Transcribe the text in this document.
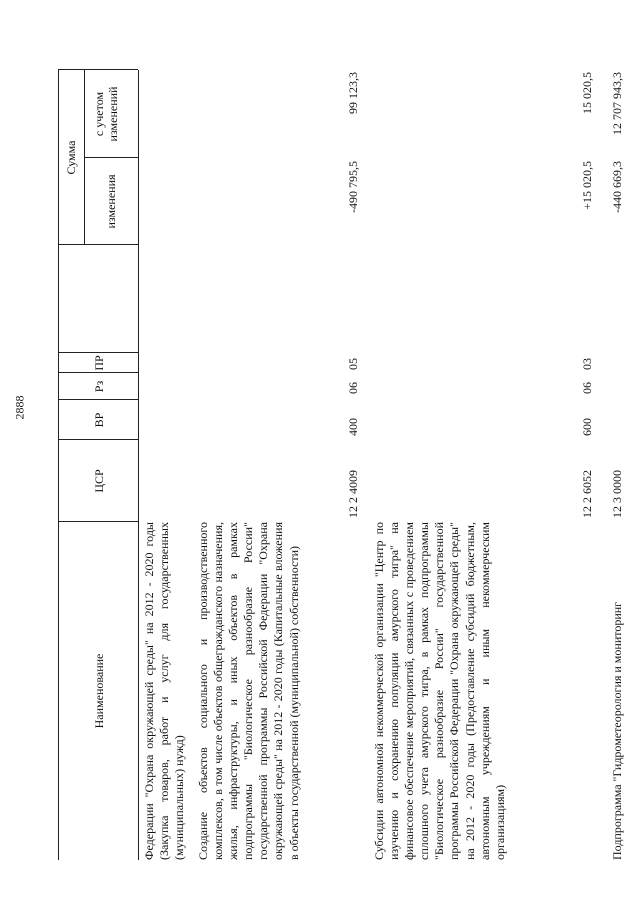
2888
Наименование
ЦСР
ВР
Рз
ПР
Сумма
изменения
с учетом изменений
Федерации "Охрана окружающей среды" на 2012 - 2020 годы (Закупка товаров, работ и услуг для государственных (муниципальных) нужд) Создание объектов социального и производственного комплексов, в том числе объектов общегражданского назначения, жилья, инфраструктуры, и иных объектов в рамках подпрограммы "Биологическое разнообразие России" государственной программы Российской Федерации "Охрана окружающей среды" на 2012 - 2020 годы (Капитальные вложения в объекты государственной (муниципальной) собственности)
12 2 4009
400
06
05
-490 795,5
99 123,3
Субсидии автономной некоммерческой организации "Центр по изучению и сохранению популяции амурского тигра" на финансовое обеспечение мероприятий, связанных с проведением сплошного учета амурского тигра, в рамках подпрограммы "Биологическое разнообразие России" государственной программы Российской Федерации "Охрана окружающей среды" на 2012 - 2020 годы (Предоставление субсидий бюджетным, автономным учреждениям и иным некоммерческим организациям)
12 2 6052
600
06
03
+15 020,5
15 020,5
Подпрограмма "Гидрометеорология и мониторинг
12 3 0000
-440 669,3
12 707 943,3
